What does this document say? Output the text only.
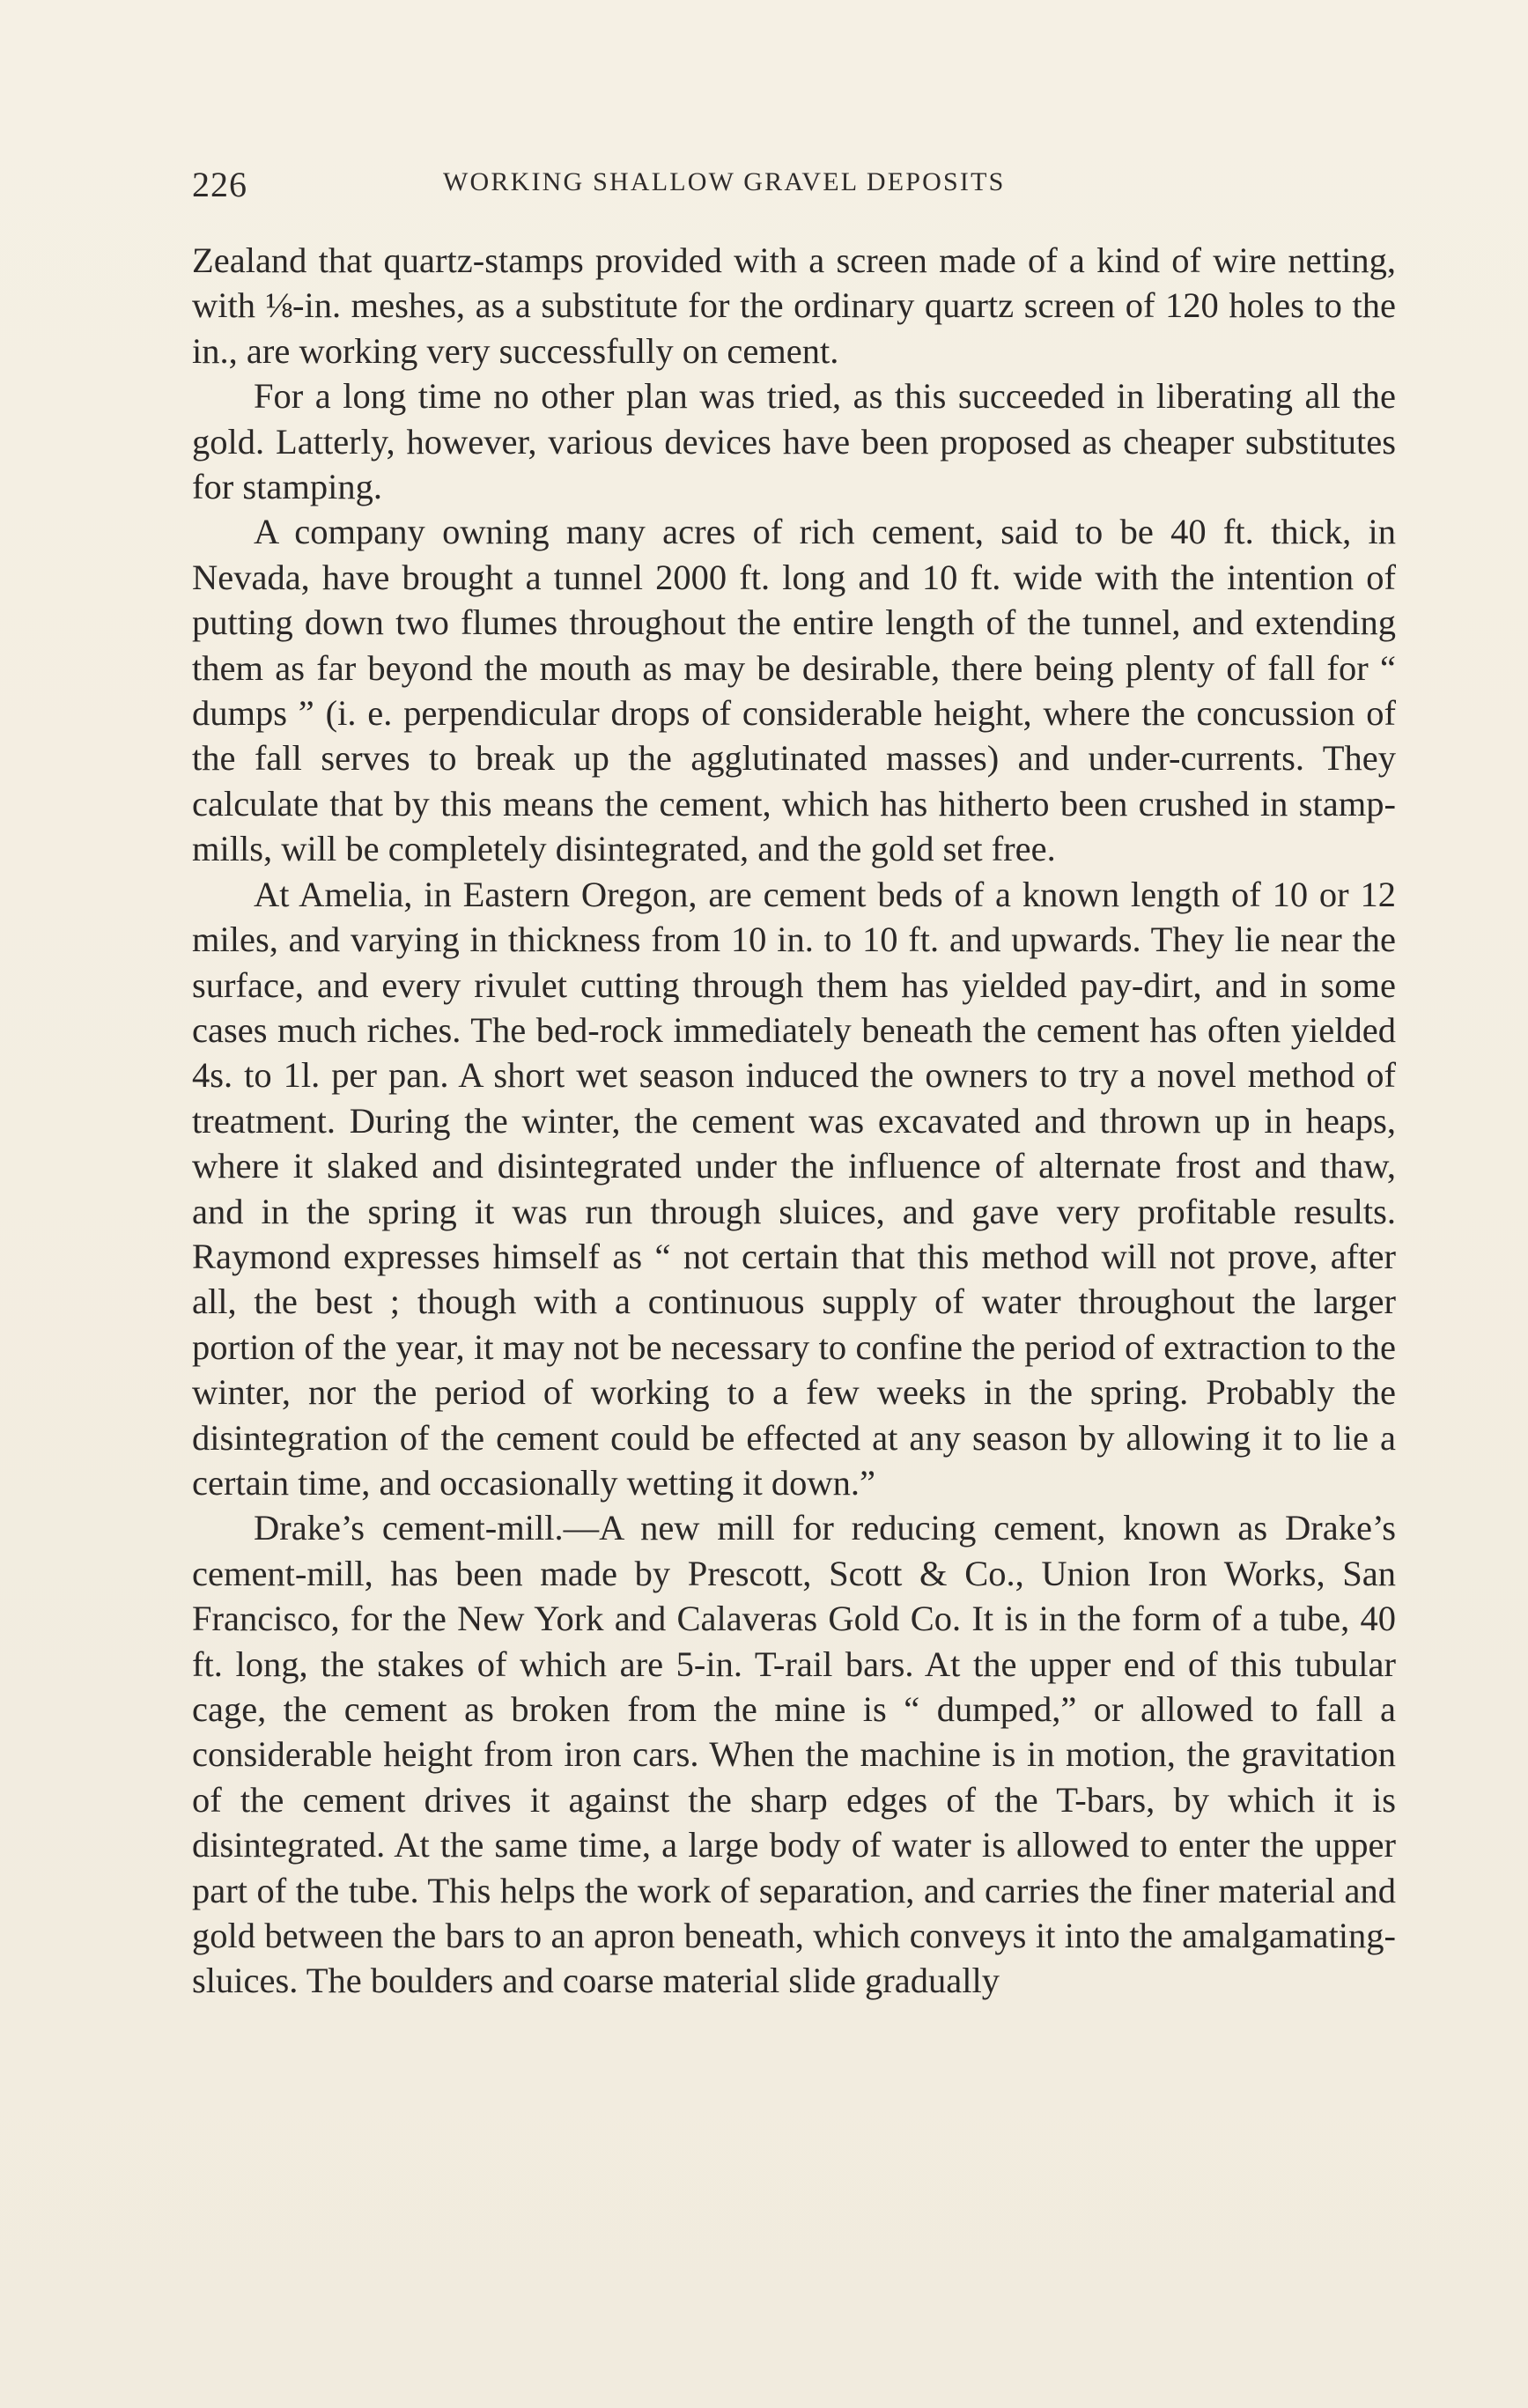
226	WORKING SHALLOW GRAVEL DEPOSITS

Zealand that quartz-stamps provided with a screen made of a kind of wire netting, with ⅛-in. meshes, as a substitute for the ordinary quartz screen of 120 holes to the in., are working very successfully on cement.

For a long time no other plan was tried, as this succeeded in liberating all the gold. Latterly, however, various devices have been proposed as cheaper substitutes for stamping.

A company owning many acres of rich cement, said to be 40 ft. thick, in Nevada, have brought a tunnel 2000 ft. long and 10 ft. wide with the intention of putting down two flumes throughout the entire length of the tunnel, and extending them as far beyond the mouth as may be desirable, there being plenty of fall for “ dumps ” (i. e. perpendicular drops of considerable height, where the concussion of the fall serves to break up the agglutinated masses) and under-currents. They calculate that by this means the cement, which has hitherto been crushed in stamp-mills, will be completely disintegrated, and the gold set free.

At Amelia, in Eastern Oregon, are cement beds of a known length of 10 or 12 miles, and varying in thickness from 10 in. to 10 ft. and upwards. They lie near the surface, and every rivulet cutting through them has yielded pay-dirt, and in some cases much riches. The bed-rock immediately beneath the cement has often yielded 4s. to 1l. per pan. A short wet season induced the owners to try a novel method of treatment. During the winter, the cement was excavated and thrown up in heaps, where it slaked and disintegrated under the influence of alternate frost and thaw, and in the spring it was run through sluices, and gave very profitable results. Raymond expresses himself as “ not certain that this method will not prove, after all, the best ; though with a continuous supply of water throughout the larger portion of the year, it may not be necessary to confine the period of extraction to the winter, nor the period of working to a few weeks in the spring. Probably the disintegration of the cement could be effected at any season by allowing it to lie a certain time, and occasionally wetting it down.”

Drake’s cement-mill.—A new mill for reducing cement, known as Drake’s cement-mill, has been made by Prescott, Scott & Co., Union Iron Works, San Francisco, for the New York and Calaveras Gold Co. It is in the form of a tube, 40 ft. long, the stakes of which are 5-in. T-rail bars. At the upper end of this tubular cage, the cement as broken from the mine is “ dumped,” or allowed to fall a considerable height from iron cars. When the machine is in motion, the gravitation of the cement drives it against the sharp edges of the T-bars, by which it is disintegrated. At the same time, a large body of water is allowed to enter the upper part of the tube. This helps the work of separation, and carries the finer material and gold between the bars to an apron beneath, which conveys it into the amalgamating-sluices. The boulders and coarse material slide gradually
